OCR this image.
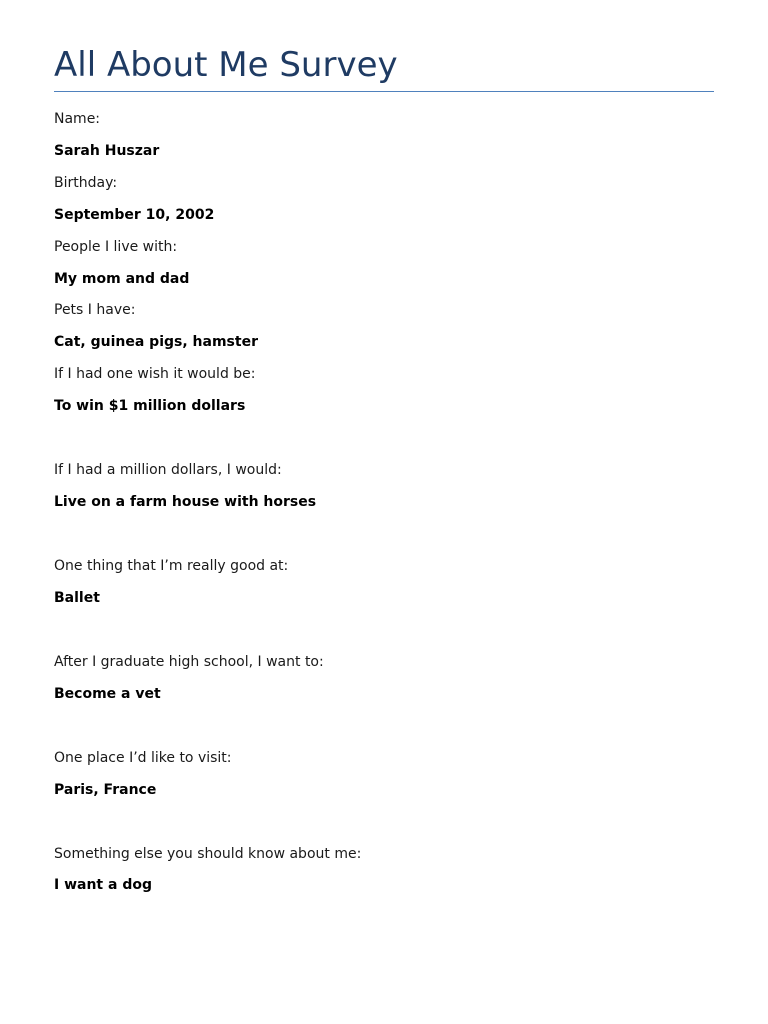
All About Me Survey
Name:
Sarah Huszar
Birthday:
September 10, 2002
People I live with:
My mom and dad
Pets I have:
Cat, guinea pigs, hamster
If I had one wish it would be:
To win $1 million dollars
If I had a million dollars, I would:
Live on a farm house with horses
One thing that I’m really good at:
Ballet
After I graduate high school, I want to:
Become a vet
One place I’d like to visit:
Paris, France
Something else you should know about me:
I want a dog
